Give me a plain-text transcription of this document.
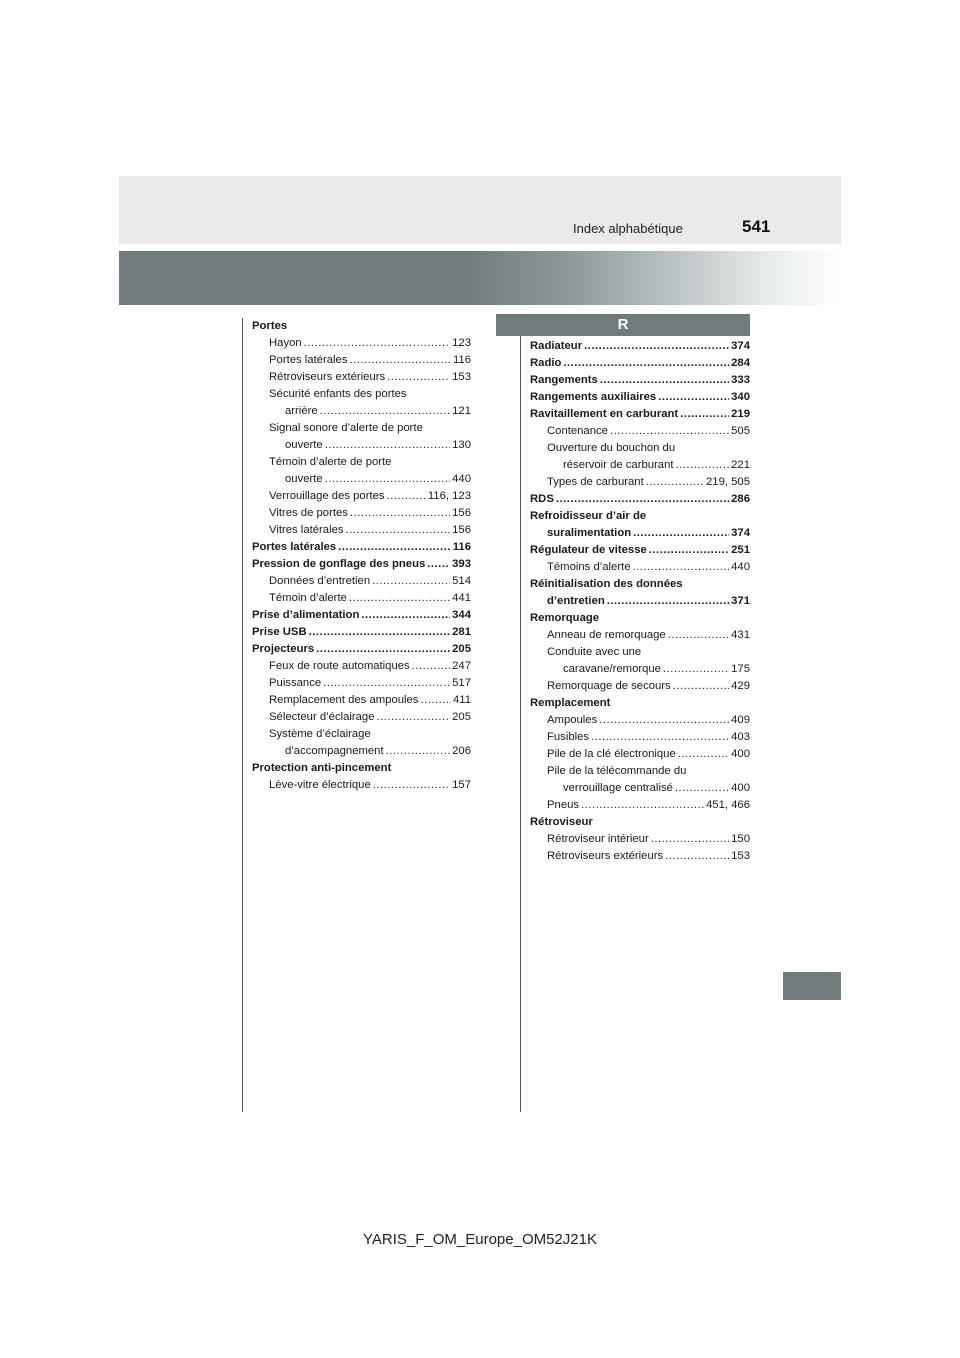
Index alphabétique	541
Portes
Hayon .....	123
Portes latérales .....	116
Rétroviseurs extérieurs .....	153
Sécurité enfants des portes
arrière .....	121
Signal sonore d’alerte de porte
ouverte .....	130
Témoin d’alerte de porte
ouverte .....	440
Verrouillage des portes .....	116, 123
Vitres de portes .....	156
Vitres latérales .....	156
Portes latérales .....	116
Pression de gonflage des pneus ..... 393
Données d’entretien .....	514
Témoin d’alerte .....	441
Prise d’alimentation .....	344
Prise USB .....	281
Projecteurs .....	205
Feux de route automatiques .....	247
Puissance .....	517
Remplacement des ampoules .....	411
Sélecteur d’éclairage .....	205
Système d’éclairage
d’accompagnement .....	206
Protection anti-pincement
Lève-vitre électrique .....	157
R
Radiateur .....	374
Radio .....	284
Rangements .....	333
Rangements auxiliaires .....	340
Ravitaillement en carburant .....	219
Contenance .....	505
Ouverture du bouchon du
réservoir de carburant .....	221
Types de carburant .....	219, 505
RDS .....	286
Refroidisseur d’air de
suralimentation .....	374
Régulateur de vitesse .....	251
Témoins d’alerte .....	440
Réinitialisation des données
d’entretien .....	371
Remorquage
Anneau de remorquage .....	431
Conduite avec une
caravane/remorque .....	175
Remorquage de secours .....	429
Remplacement
Ampoules .....	409
Fusibles .....	403
Pile de la clé électronique .....	400
Pile de la télécommande du
verrouillage centralisé .....	400
Pneus .....	451, 466
Rétroviseur
Rétroviseur intérieur .....	150
Rétroviseurs extérieurs .....	153
YARIS_F_OM_Europe_OM52J21K
